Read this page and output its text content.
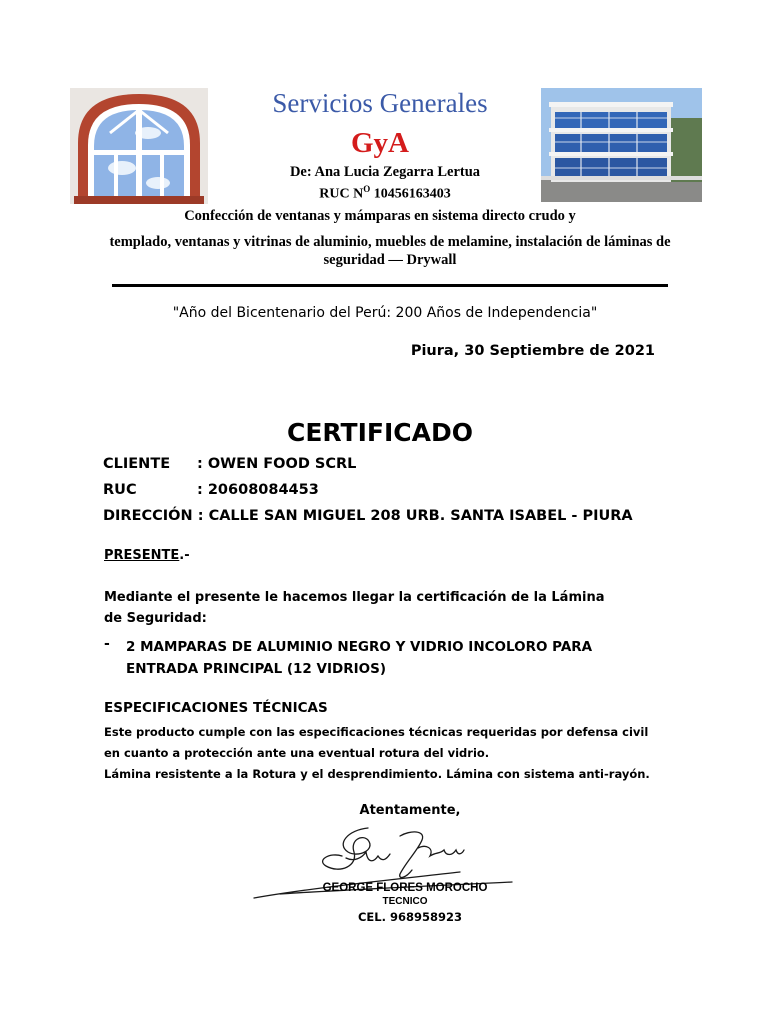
Servicios Generales
GyA
De: Ana Lucia Zegarra Lertua
RUC $N^O$ 10456163403
Confección de ventanas y mámparas en sistema directo crudo y
templado, ventanas y vitrinas de aluminio, muebles de melamine, instalación de láminas de seguridad — Drywall
"Año del Bicentenario del Perú: 200 Años de Independencia"
Piura, 30 Septiembre de 2021
CERTIFICADO
CLIENTE : OWEN FOOD SCRL
RUC	: 20608084453
DIRECCIÓN : CALLE SAN MIGUEL 208 URB. SANTA ISABEL - PIURA
PRESENTE.-
Mediante el presente le hacemos llegar la certificación de la Lámina de Seguridad:
- 2 MAMPARAS DE ALUMINIO NEGRO Y VIDRIO INCOLORO PARA ENTRADA PRINCIPAL (12 VIDRIOS)
ESPECIFICACIONES TÉCNICAS
Este producto cumple con las especificaciones técnicas requeridas por defensa civil
en cuanto a protección ante una eventual rotura del vidrio.
Lámina resistente a la Rotura y el desprendimiento. Lámina con sistema anti-rayón.
Atentamente,
GEORGE FLORES MOROCHO
TECNICO
CEL. 968958923
